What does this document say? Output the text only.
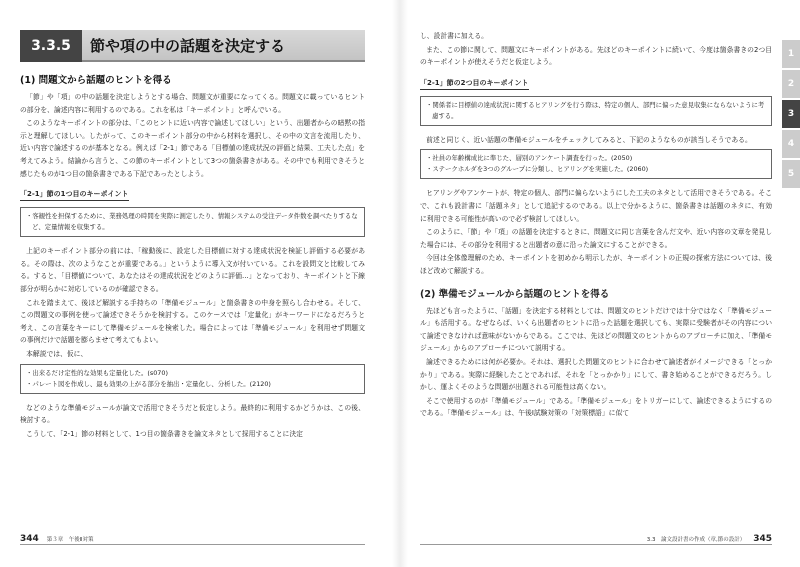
3.3.5	節や項の中の話題を決定する
(1) 問題文から話題のヒントを得る

「節」や「項」の中の話題を決定しようとする場合、問題文が重要になってくる。問題文に載っているヒントの部分を、論述内容に利用するのである。これを私は「キーポイント」と呼んでいる。

このようなキーポイントの部分は、「このヒントに近い内容で論述してほしい」という、出題者からの暗黙の指示と理解してほしい。したがって、このキーポイント部分の中から材料を選択し、その中の文言を流用したり、近い内容で論述するのが基本となる。例えば「2-1」節である「目標値の達成状況の評価と結果、工夫した点」を考えてみよう。結論から言うと、この節のキーポイントとして3つの箇条書きがある。その中でも利用できそうと感じたものが1つ目の箇条書きである下記であったとしよう。

「2-1」節の1つ目のキーポイント
・客観性を担保するために、業務処理の時間を実際に測定したり、情報システムの受注データ件数を調べたりするなど、定量情報を収集する。

上記のキーポイント部分の前には、「稼動後に、設定した目標値に対する達成状況を検証し評価する必要がある。その際は、次のようなことが重要である。」というように導入文が付いている。これを設問文と比較してみる。すると、「目標値について、あなたはその達成状況をどのように評価…」となっており、キーポイントと下線部分が明らかに対応しているのが確認できる。

これを踏まえて、後ほど解説する手持ちの「準備モジュール」と箇条書きの中身を照らし合わせる。そして、この問題文の事例を使って論述できそうかを検討する。このケースでは「定量化」がキーワードになるだろうと考え、この言葉をキーにして準備モジュールを検索した。場合によっては「準備モジュール」を利用せず問題文の事例だけで話題を膨らませて考えてもよい。

本解説では、仮に、

・出来るだけ定性的な効果も定量化した。(s070)
・パレート図を作成し、最も効果の上がる部分を抽出・定量化し、分析した。(2120)

などのような準備モジュールが論文で活用できそうだと仮定しよう。最終的に利用するかどうかは、この後、検討する。

こうして、「2-1」節の材料として、1つ目の箇条書きを論文ネタとして採用することに決定

344 第３章　午後Ⅱ対策

し、設計書に加える。

また、この節に関して、問題文にキーポイントがある。先ほどのキーポイントに続いて、今度は箇条書きの2つ目のキーポイントが使えそうだと仮定しよう。

「2-1」節の2つ目のキーポイント
・関係者に目標値の達成状況に関するヒアリングを行う際は、特定の個人、部門に偏った意見収集にならないように考慮する。

前述と同じく、近い話題の準備モジュールをチェックしてみると、下記のようなものが該当しそうである。

・社員の年齢構成比に準じた、層別のアンケート調査を行った。(2050)
・ステークホルダを3つのグループに分類し、ヒアリングを実施した。(2060)

ヒアリングやアンケートが、特定の個人、部門に偏らないようにした工夫のネタとして活用できそうである。そこで、これも設計書に「話題ネタ」として追記するのである。以上で分かるように、箇条書きは話題のネタに、有効に利用できる可能性が高いので必ず検討してほしい。

このように、「節」や「項」の話題を決定するときに、問題文に同じ言葉を含んだ文や、近い内容の文章を発見した場合には、その部分を利用すると出題者の意に沿った論文にすることができる。

今回は全体像理解のため、キーポイントを初めから明示したが、キーポイントの正規の探索方法については、後ほど改めて解説する。

(2) 準備モジュールから話題のヒントを得る

先ほども言ったように、「話題」を決定する材料としては、問題文のヒントだけでは十分ではなく「準備モジュール」も活用する。なぜならば、いくら出題者のヒントに沿った話題を選択しても、実際に受験者がその内容について論述できなければ意味がないからである。ここでは、先ほどの問題文のヒントからのアプローチに加え、「準備モジュール」からのアプローチについて説明する。

論述できるためには何が必要か。それは、選択した問題文のヒントに合わせて論述者がイメージできる「とっかかり」である。実際に経験したことであれば、それを「とっかかり」にして、書き始めることができるだろう。しかし、運よくそのような問題が出題される可能性は高くない。

そこで使用するのが「準備モジュール」である。「準備モジュール」をトリガーにして、論述できるようにするのである。「準備モジュール」は、午後Ⅰ試験対策の「対策標語」に似て

3.3　論文設計書の作成（章,節の設計） 345
1
2
3
4
5
